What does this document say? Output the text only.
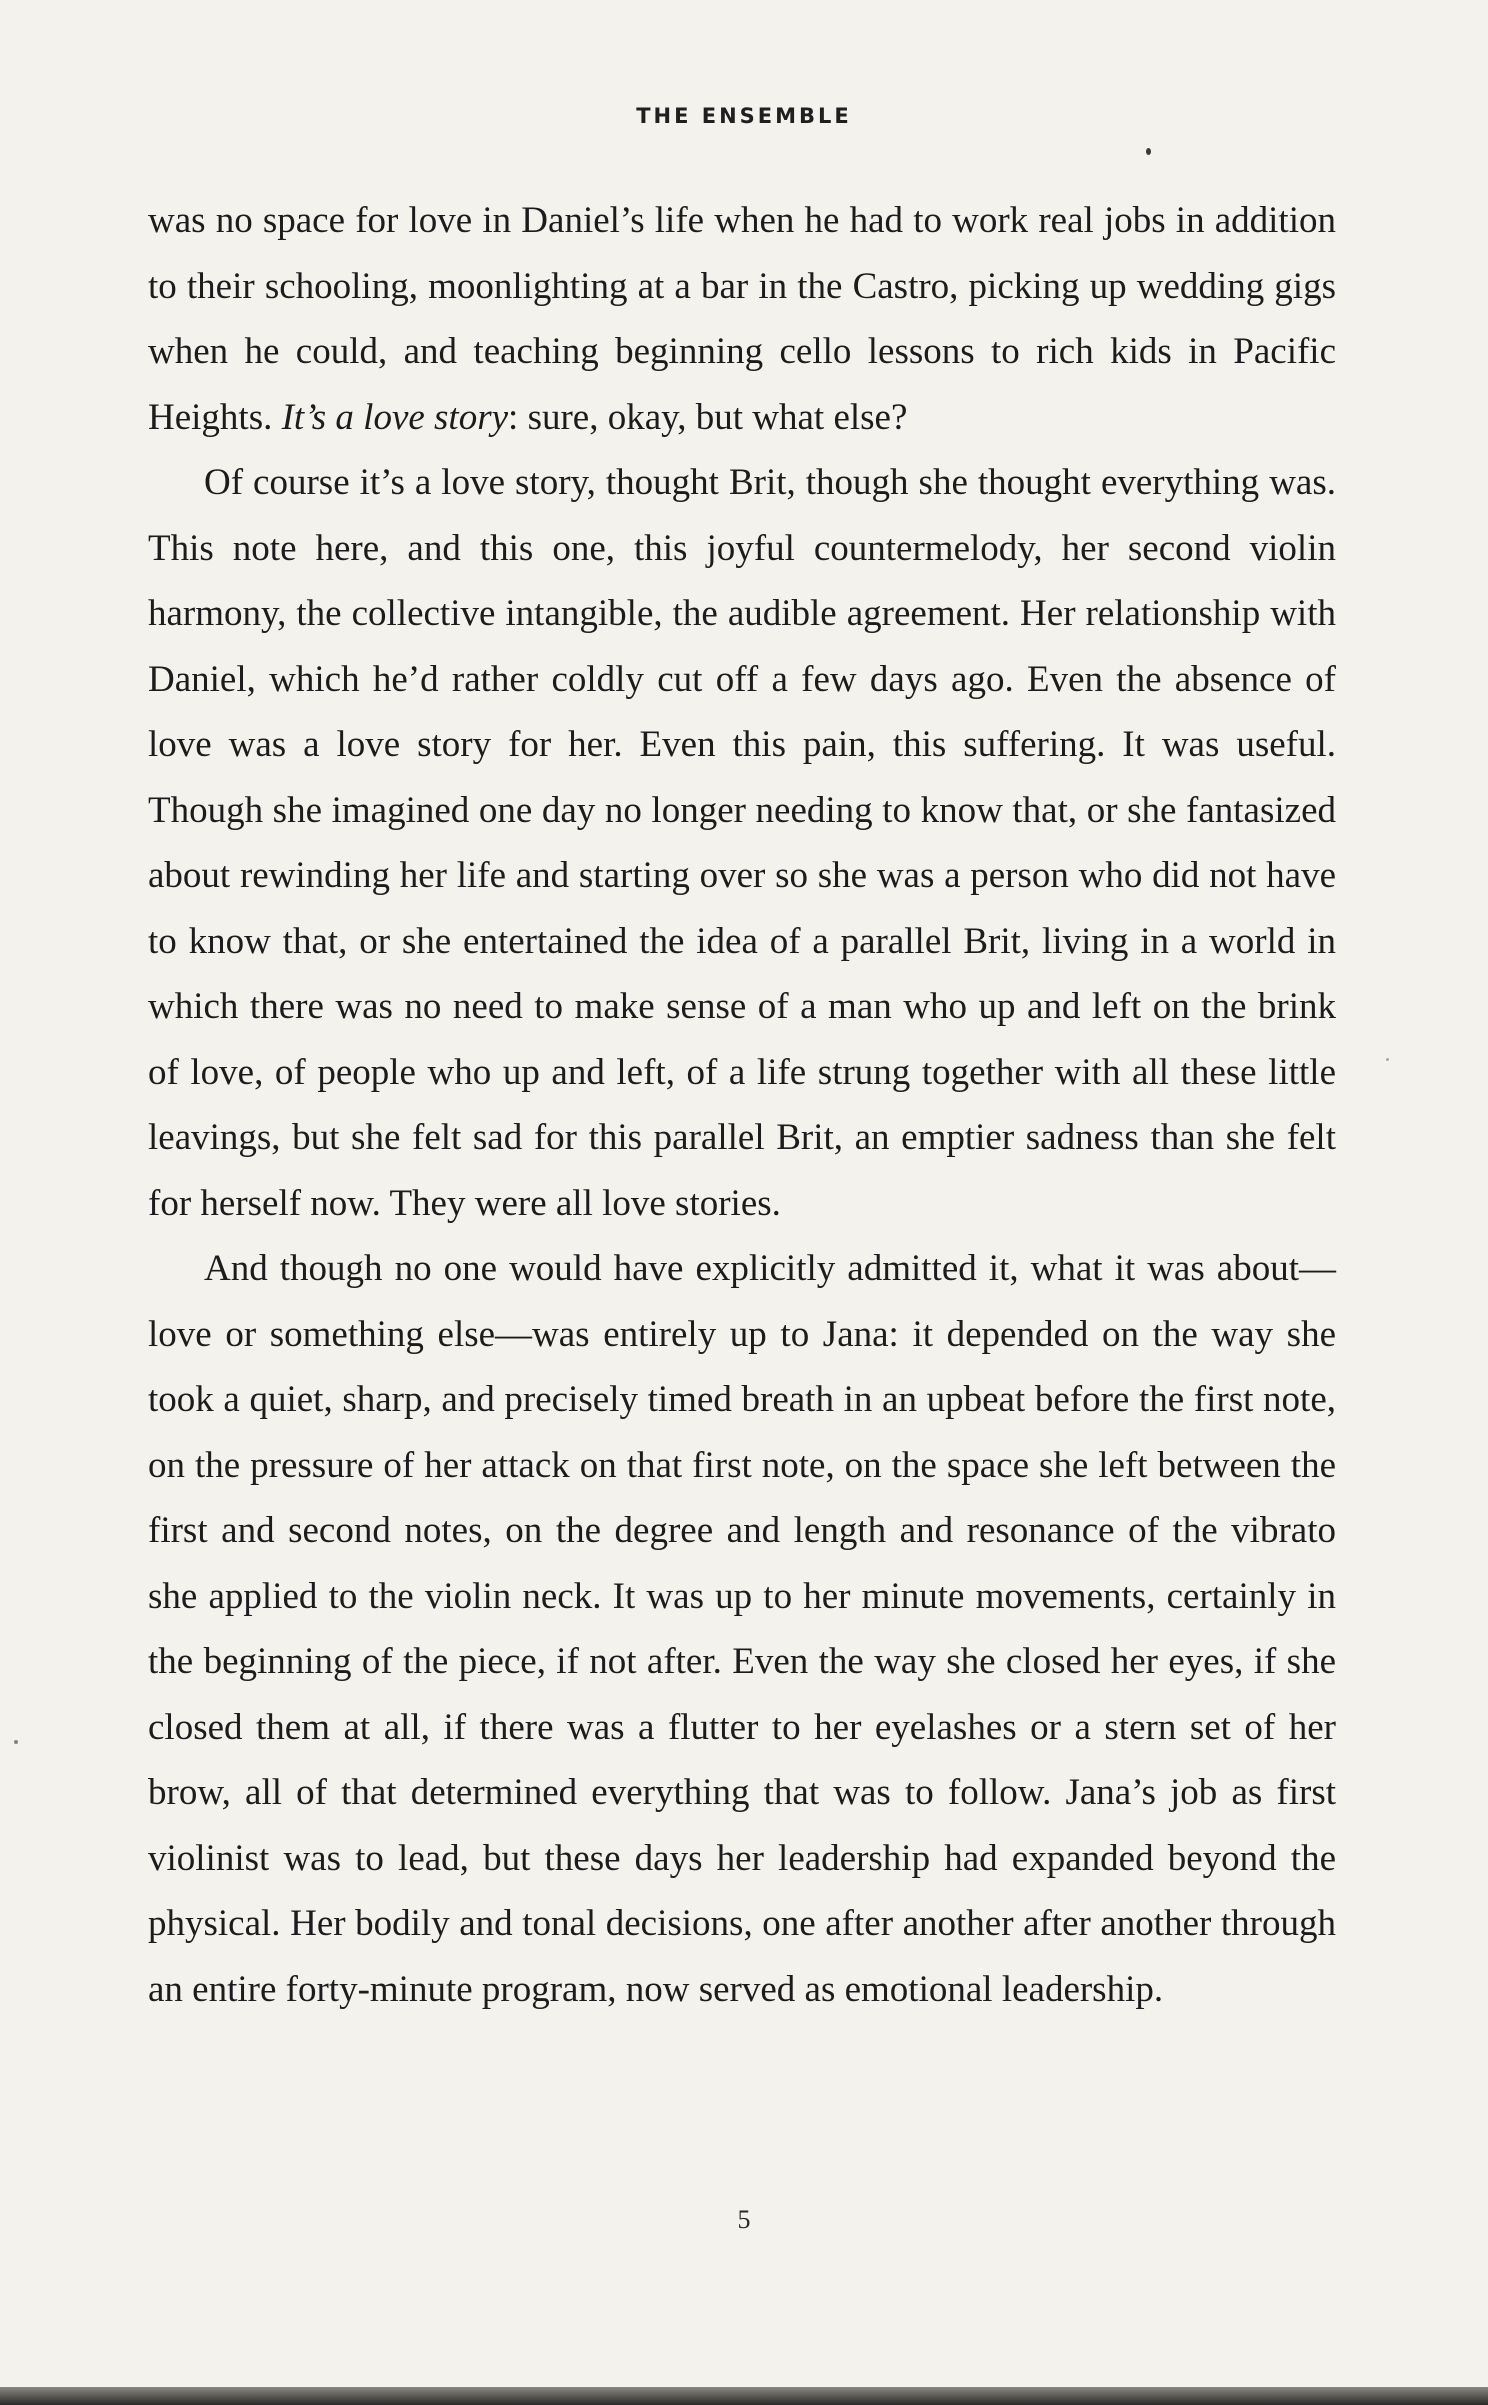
THE ENSEMBLE

was no space for love in Daniel’s life when he had to work real jobs in addition to their schooling, moonlighting at a bar in the Castro, picking up wedding gigs when he could, and teaching beginning cello lessons to rich kids in Pacific Heights. It’s a love story: sure, okay, but what else?

Of course it’s a love story, thought Brit, though she thought everything was. This note here, and this one, this joyful countermelody, her second violin harmony, the collective intangible, the audible agreement. Her relationship with Daniel, which he’d rather coldly cut off a few days ago. Even the absence of love was a love story for her. Even this pain, this suffering. It was useful. Though she imagined one day no longer needing to know that, or she fantasized about rewinding her life and starting over so she was a person who did not have to know that, or she entertained the idea of a parallel Brit, living in a world in which there was no need to make sense of a man who up and left on the brink of love, of people who up and left, of a life strung together with all these little leavings, but she felt sad for this parallel Brit, an emptier sadness than she felt for herself now. They were all love stories.

And though no one would have explicitly admitted it, what it was about—love or something else—was entirely up to Jana: it depended on the way she took a quiet, sharp, and precisely timed breath in an upbeat before the first note, on the pressure of her attack on that first note, on the space she left between the first and second notes, on the degree and length and resonance of the vibrato she applied to the violin neck. It was up to her minute movements, certainly in the beginning of the piece, if not after. Even the way she closed her eyes, if she closed them at all, if there was a flutter to her eyelashes or a stern set of her brow, all of that determined everything that was to follow. Jana’s job as first violinist was to lead, but these days her leadership had expanded beyond the physical. Her bodily and tonal decisions, one after another after another through an entire forty-minute program, now served as emotional leadership.

5
